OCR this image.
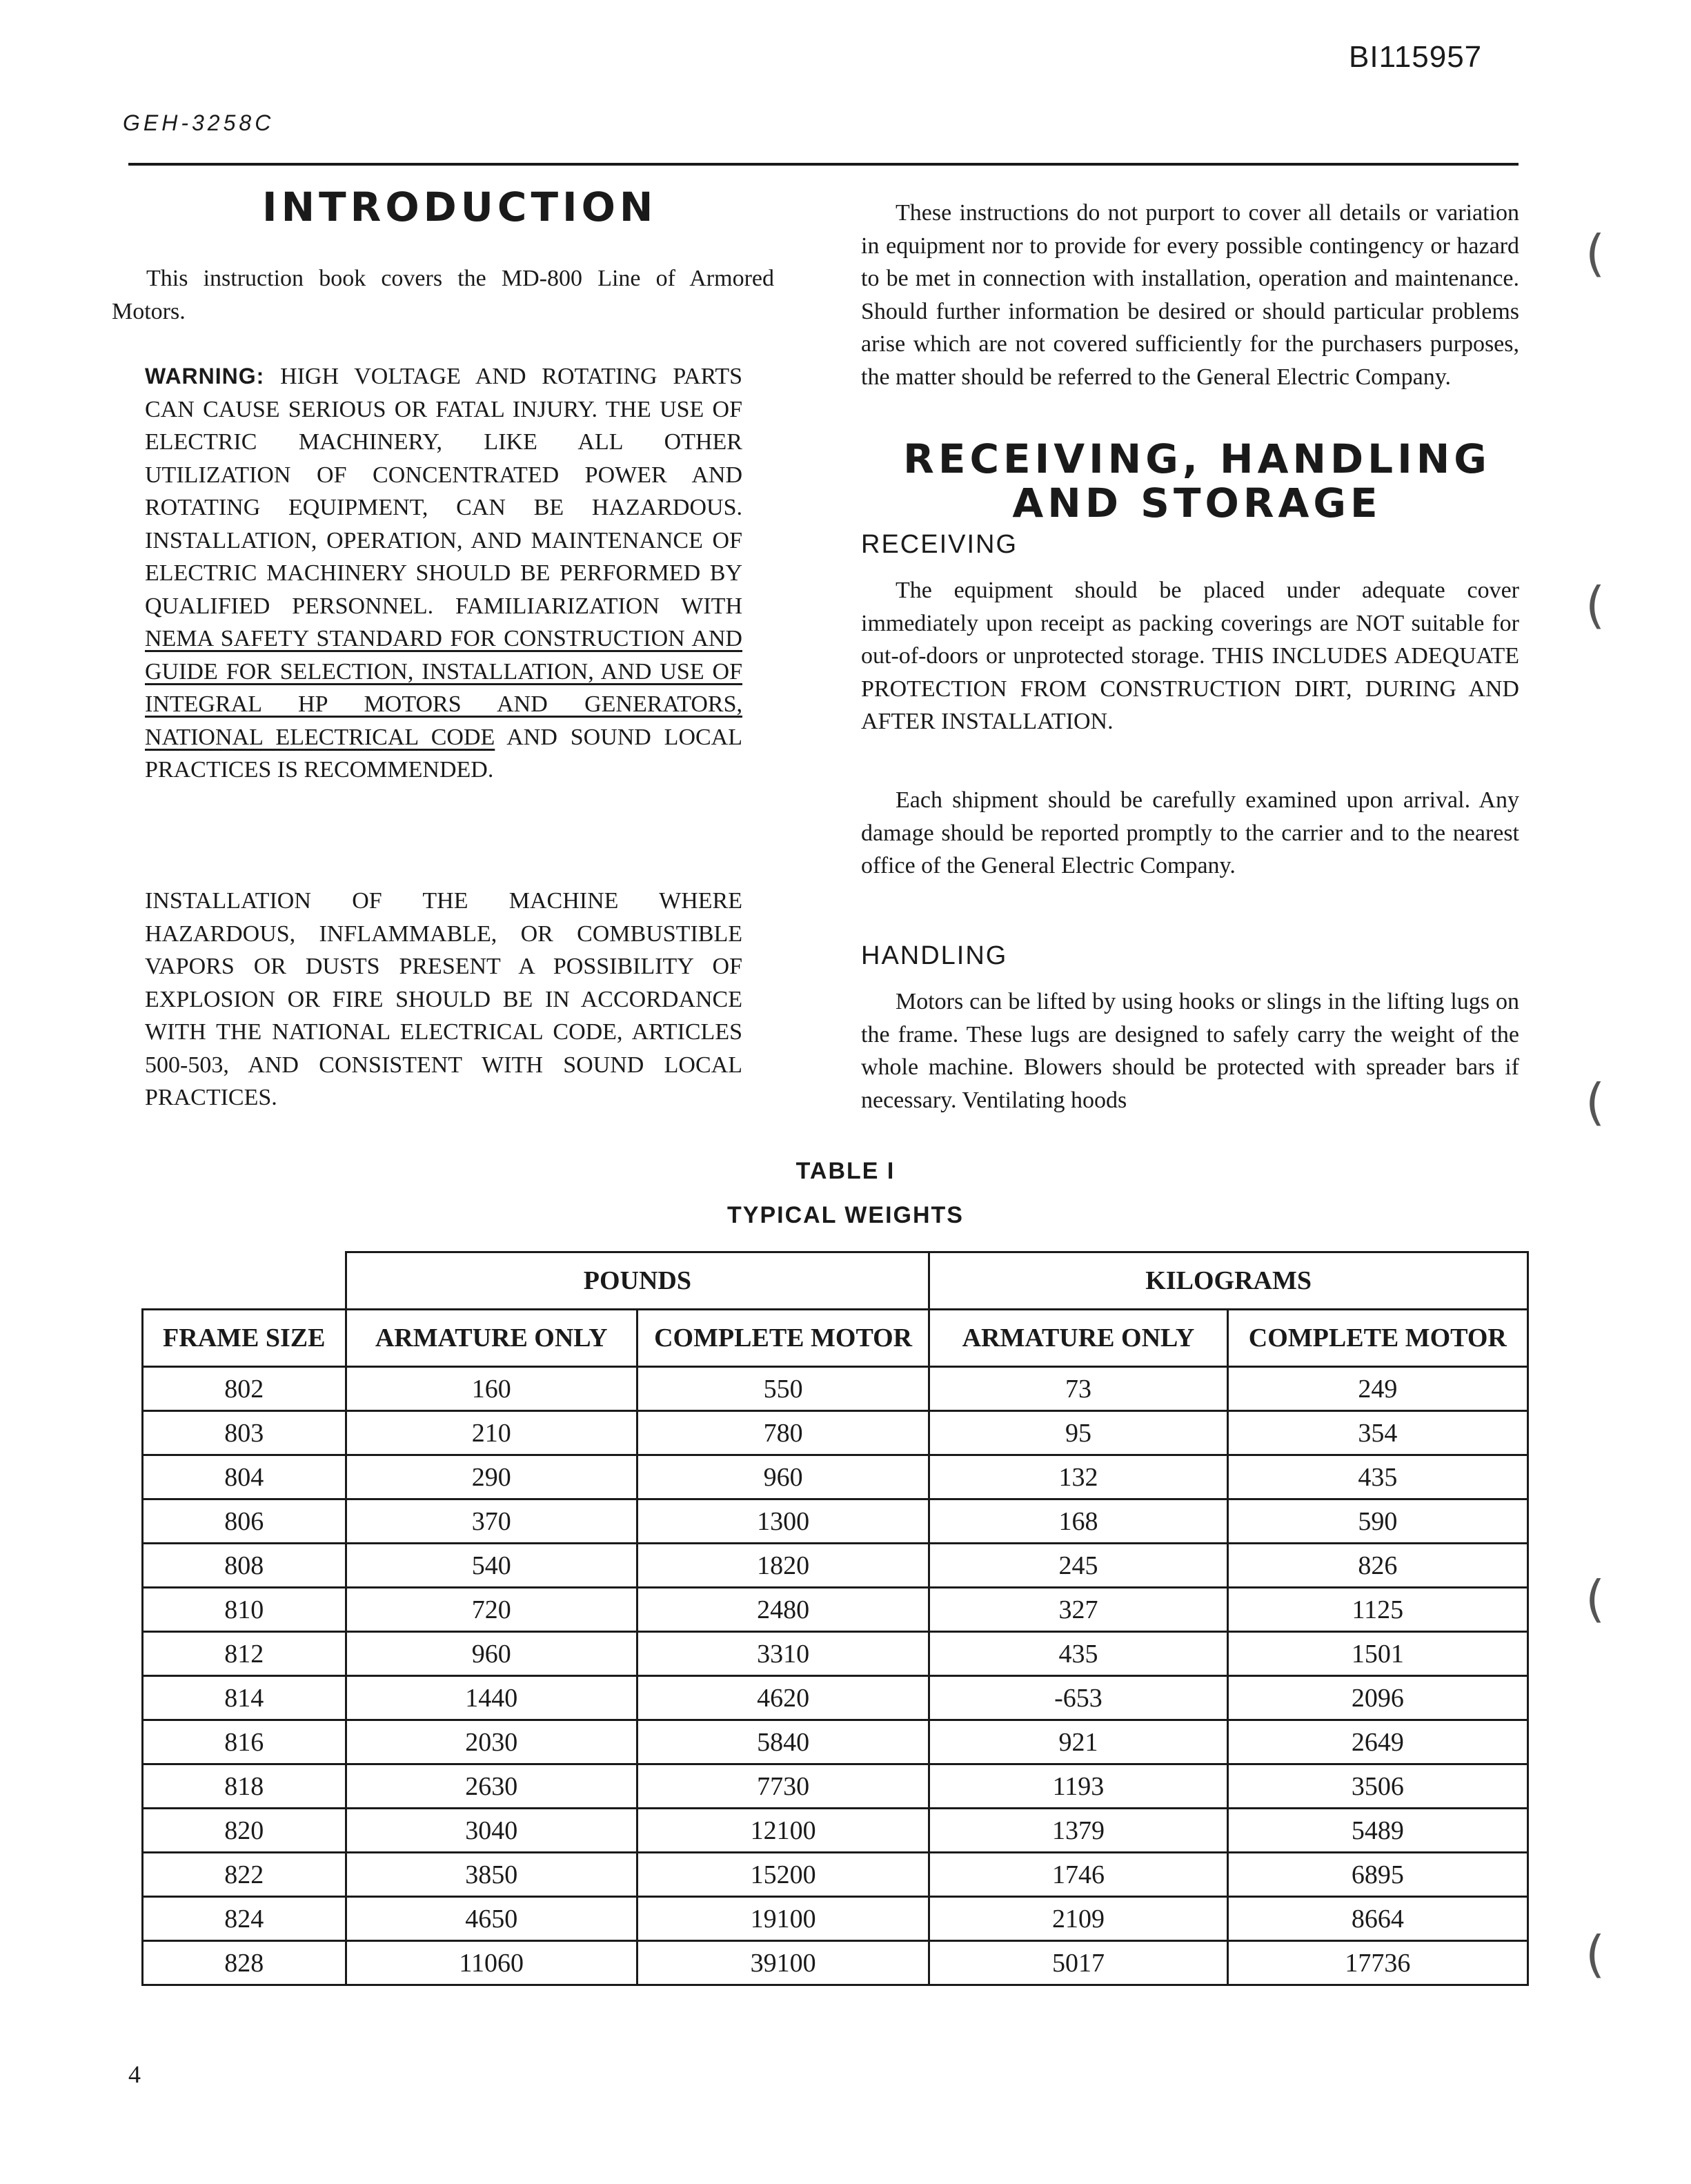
BI115957
GEH-3258C
INTRODUCTION
This instruction book covers the MD-800 Line of Armored Motors.
WARNING: HIGH VOLTAGE AND ROTATING PARTS CAN CAUSE SERIOUS OR FATAL INJURY. THE USE OF ELECTRIC MACHINERY, LIKE ALL OTHER UTILIZATION OF CONCENTRATED POWER AND ROTATING EQUIPMENT, CAN BE HAZARDOUS. INSTALLATION, OPERATION, AND MAINTENANCE OF ELECTRIC MACHINERY SHOULD BE PERFORMED BY QUALIFIED PERSONNEL. FAMILIARIZATION WITH NEMA SAFETY STANDARD FOR CONSTRUCTION AND GUIDE FOR SELECTION, INSTALLATION, AND USE OF INTEGRAL HP MOTORS AND GENERATORS, NATIONAL ELECTRICAL CODE AND SOUND LOCAL PRACTICES IS RECOMMENDED.
INSTALLATION OF THE MACHINE WHERE HAZARDOUS, INFLAMMABLE, OR COMBUSTIBLE VAPORS OR DUSTS PRESENT A POSSIBILITY OF EXPLOSION OR FIRE SHOULD BE IN ACCORDANCE WITH THE NATIONAL ELECTRICAL CODE, ARTICLES 500-503, AND CONSISTENT WITH SOUND LOCAL PRACTICES.
These instructions do not purport to cover all details or variation in equipment nor to provide for every possible contingency or hazard to be met in connection with installation, operation and maintenance. Should further information be desired or should particular problems arise which are not covered sufficiently for the purchasers purposes, the matter should be referred to the General Electric Company.
RECEIVING, HANDLING
AND STORAGE
RECEIVING
The equipment should be placed under adequate cover immediately upon receipt as packing coverings are NOT suitable for out-of-doors or unprotected storage. THIS INCLUDES ADEQUATE PROTECTION FROM CONSTRUCTION DIRT, DURING AND AFTER INSTALLATION.
Each shipment should be carefully examined upon arrival. Any damage should be reported promptly to the carrier and to the nearest office of the General Electric Company.
HANDLING
Motors can be lifted by using hooks or slings in the lifting lugs on the frame. These lugs are designed to safely carry the weight of the whole machine. Blowers should be protected with spreader bars if necessary. Ventilating hoods
TABLE I
TYPICAL WEIGHTS
	POUNDS		KILOGRAMS	
FRAME SIZE	ARMATURE ONLY	COMPLETE MOTOR	ARMATURE ONLY	COMPLETE MOTOR
802	160	550	73	249
803	210	780	95	354
804	290	960	132	435
806	370	1300	168	590
808	540	1820	245	826
810	720	2480	327	1125
812	960	3310	435	1501
814	1440	4620	-653	2096
816	2030	5840	921	2649
818	2630	7730	1193	3506
820	3040	12100	1379	5489
822	3850	15200	1746	6895
824	4650	19100	2109	8664
828	11060	39100	5017	17736
4
(
(
(
(
(
